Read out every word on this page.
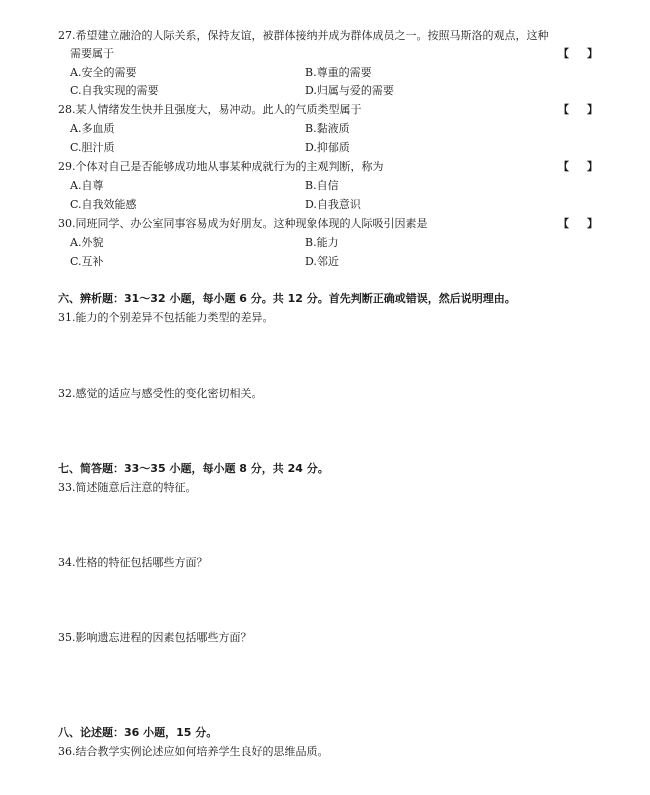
27.希望建立融洽的人际关系，保持友谊，被群体接纳并成为群体成员之一。按照马斯洛的观点，这种
需要属于	【 】
A.安全的需要	B.尊重的需要
C.自我实现的需要	D.归属与爱的需要
28.某人情绪发生快并且强度大，易冲动。此人的气质类型属于	【 】
A.多血质	B.黏液质
C.胆汁质	D.抑郁质
29.个体对自己是否能够成功地从事某种成就行为的主观判断，称为	【 】
A.自尊	B.自信
C.自我效能感	D.自我意识
30.同班同学、办公室同事容易成为好朋友。这种现象体现的人际吸引因素是	【 】
A.外貌	B.能力
C.互补	D.邻近
六、辨析题：31～32 小题，每小题 6 分。共 12 分。首先判断正确或错误，然后说明理由。
31.能力的个别差异不包括能力类型的差异。
32.感觉的适应与感受性的变化密切相关。
七、简答题：33～35 小题，每小题 8 分，共 24 分。
33.简述随意后注意的特征。
34.性格的特征包括哪些方面？
35.影响遗忘进程的因素包括哪些方面？
八、论述题：36 小题，15 分。
36.结合教学实例论述应如何培养学生良好的思维品质。
